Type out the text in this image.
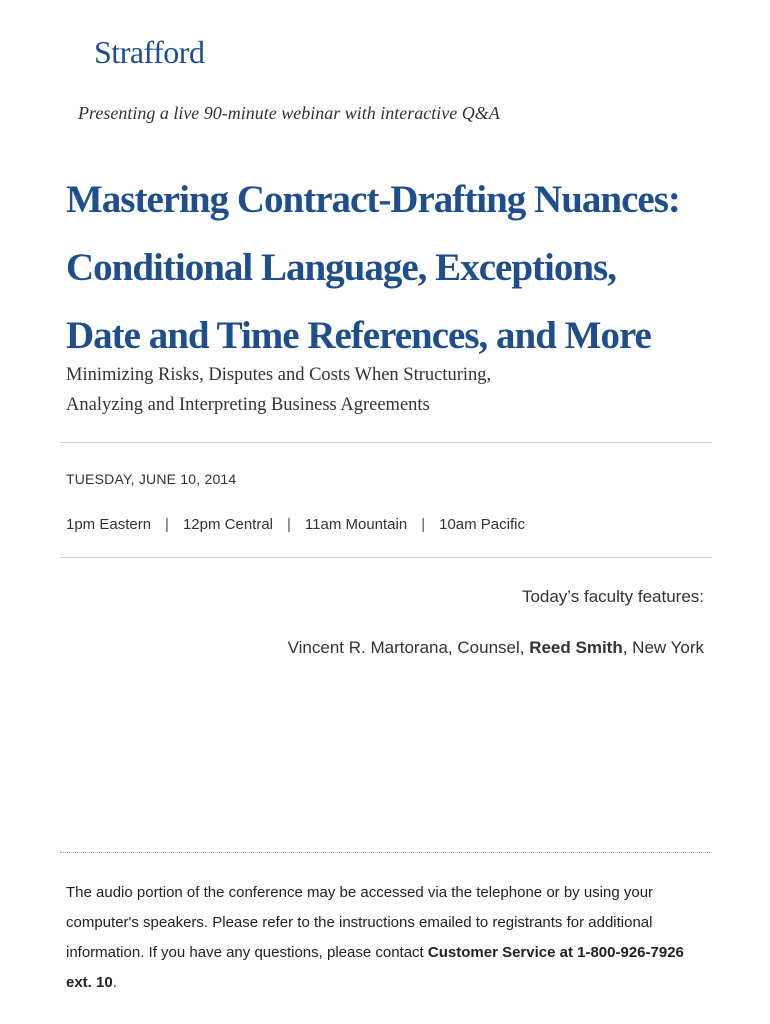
Strafford
Presenting a live 90-minute webinar with interactive Q&A
Mastering Contract-Drafting Nuances:
Conditional Language, Exceptions,
Date and Time References, and More
Minimizing Risks, Disputes and Costs When Structuring,
Analyzing and Interpreting Business Agreements
TUESDAY, JUNE 10, 2014
1pm Eastern | 12pm Central | 11am Mountain | 10am Pacific
Today’s faculty features:
Vincent R. Martorana, Counsel, Reed Smith, New York
The audio portion of the conference may be accessed via the telephone or by using your computer's speakers. Please refer to the instructions emailed to registrants for additional information. If you have any questions, please contact Customer Service at 1-800-926-7926 ext. 10.
